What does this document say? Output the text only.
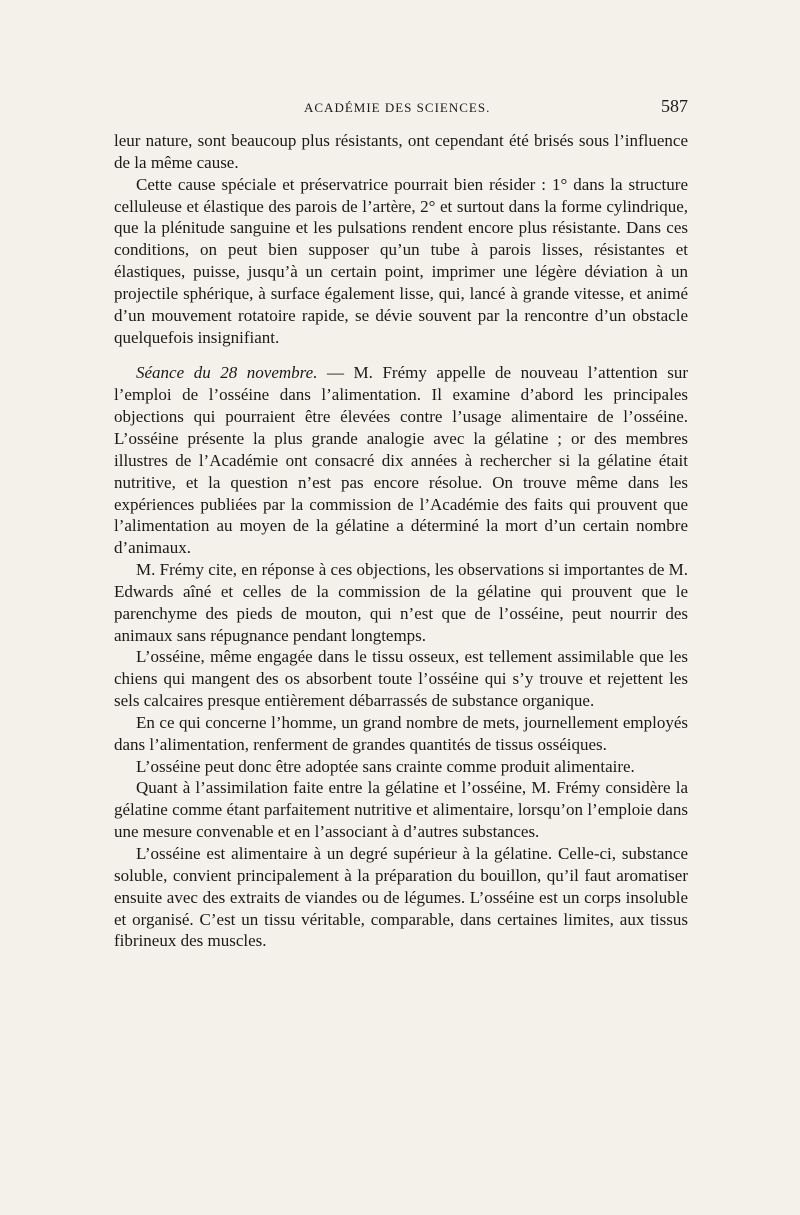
ACADÉMIE DES SCIENCES.	587

leur nature, sont beaucoup plus résistants, ont cependant été brisés sous l’influence de la même cause.

Cette cause spéciale et préservatrice pourrait bien résider : 1° dans la structure celluleuse et élastique des parois de l’artère, 2° et surtout dans la forme cylindrique, que la plénitude sanguine et les pulsations rendent encore plus résistante. Dans ces conditions, on peut bien supposer qu’un tube à parois lisses, résistantes et élastiques, puisse, jusqu’à un certain point, imprimer une légère déviation à un projectile sphérique, à surface également lisse, qui, lancé à grande vitesse, et animé d’un mouvement rotatoire rapide, se dévie souvent par la rencontre d’un obstacle quelquefois insignifiant.

Séance du 28 novembre. — M. Frémy appelle de nouveau l’attention sur l’emploi de l’osséine dans l’alimentation. Il examine d’abord les principales objections qui pourraient être élevées contre l’usage alimentaire de l’osséine. L’osséine présente la plus grande analogie avec la gélatine ; or des membres illustres de l’Académie ont consacré dix années à rechercher si la gélatine était nutritive, et la question n’est pas encore résolue. On trouve même dans les expériences publiées par la commission de l’Académie des faits qui prouvent que l’alimentation au moyen de la gélatine a déterminé la mort d’un certain nombre d’animaux.

M. Frémy cite, en réponse à ces objections, les observations si importantes de M. Edwards aîné et celles de la commission de la gélatine qui prouvent que le parenchyme des pieds de mouton, qui n’est que de l’osséine, peut nourrir des animaux sans répugnance pendant longtemps.

L’osséine, même engagée dans le tissu osseux, est tellement assimilable que les chiens qui mangent des os absorbent toute l’osséine qui s’y trouve et rejettent les sels calcaires presque entièrement débarrassés de substance organique.

En ce qui concerne l’homme, un grand nombre de mets, journellement employés dans l’alimentation, renferment de grandes quantités de tissus osséiques.

L’osséine peut donc être adoptée sans crainte comme produit alimentaire.

Quant à l’assimilation faite entre la gélatine et l’osséine, M. Frémy considère la gélatine comme étant parfaitement nutritive et alimentaire, lorsqu’on l’emploie dans une mesure convenable et en l’associant à d’autres substances.

L’osséine est alimentaire à un degré supérieur à la gélatine. Celle-ci, substance soluble, convient principalement à la préparation du bouillon, qu’il faut aromatiser ensuite avec des extraits de viandes ou de légumes. L’osséine est un corps insoluble et organisé. C’est un tissu véritable, comparable, dans certaines limites, aux tissus fibrineux des muscles.
